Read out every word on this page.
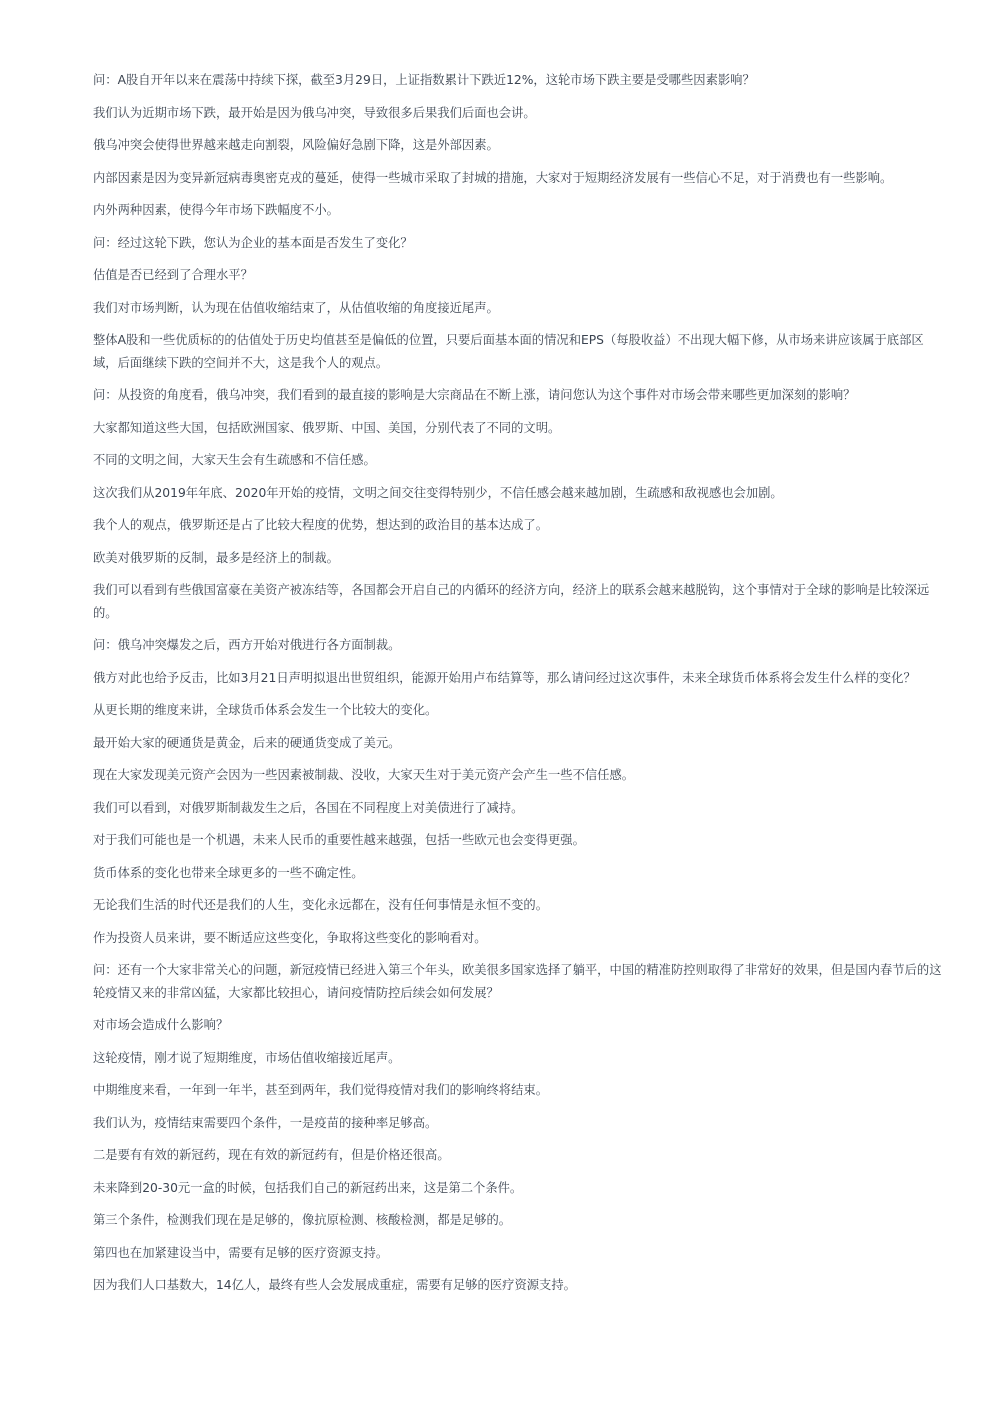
问：A股自开年以来在震荡中持续下探，截至3月29日，上证指数累计下跌近12%，这轮市场下跌主要是受哪些因素影响？

我们认为近期市场下跌，最开始是因为俄乌冲突，导致很多后果我们后面也会讲。

俄乌冲突会使得世界越来越走向割裂，风险偏好急剧下降，这是外部因素。

内部因素是因为变异新冠病毒奥密克戎的蔓延，使得一些城市采取了封城的措施，大家对于短期经济发展有一些信心不足，对于消费也有一些影响。

内外两种因素，使得今年市场下跌幅度不小。

问：经过这轮下跌，您认为企业的基本面是否发生了变化？

估值是否已经到了合理水平？

我们对市场判断，认为现在估值收缩结束了，从估值收缩的角度接近尾声。

整体A股和一些优质标的的估值处于历史均值甚至是偏低的位置，只要后面基本面的情况和EPS（每股收益）不出现大幅下修，从市场来讲应该属于底部区域，后面继续下跌的空间并不大，这是我个人的观点。

问：从投资的角度看，俄乌冲突，我们看到的最直接的影响是大宗商品在不断上涨，请问您认为这个事件对市场会带来哪些更加深刻的影响？

大家都知道这些大国，包括欧洲国家、俄罗斯、中国、美国，分别代表了不同的文明。

不同的文明之间，大家天生会有生疏感和不信任感。

这次我们从2019年年底、2020年开始的疫情，文明之间交往变得特别少，不信任感会越来越加剧，生疏感和敌视感也会加剧。

我个人的观点，俄罗斯还是占了比较大程度的优势，想达到的政治目的基本达成了。

欧美对俄罗斯的反制，最多是经济上的制裁。

我们可以看到有些俄国富豪在美资产被冻结等，各国都会开启自己的内循环的经济方向，经济上的联系会越来越脱钩，这个事情对于全球的影响是比较深远的。

问：俄乌冲突爆发之后，西方开始对俄进行各方面制裁。

俄方对此也给予反击，比如3月21日声明拟退出世贸组织，能源开始用卢布结算等，那么请问经过这次事件，未来全球货币体系将会发生什么样的变化？

从更长期的维度来讲，全球货币体系会发生一个比较大的变化。

最开始大家的硬通货是黄金，后来的硬通货变成了美元。

现在大家发现美元资产会因为一些因素被制裁、没收，大家天生对于美元资产会产生一些不信任感。

我们可以看到，对俄罗斯制裁发生之后，各国在不同程度上对美债进行了减持。

对于我们可能也是一个机遇，未来人民币的重要性越来越强，包括一些欧元也会变得更强。

货币体系的变化也带来全球更多的一些不确定性。

无论我们生活的时代还是我们的人生，变化永远都在，没有任何事情是永恒不变的。

作为投资人员来讲，要不断适应这些变化，争取将这些变化的影响看对。

问：还有一个大家非常关心的问题，新冠疫情已经进入第三个年头，欧美很多国家选择了躺平，中国的精准防控则取得了非常好的效果，但是国内春节后的这轮疫情又来的非常凶猛，大家都比较担心，请问疫情防控后续会如何发展？

对市场会造成什么影响？

这轮疫情，刚才说了短期维度，市场估值收缩接近尾声。

中期维度来看，一年到一年半，甚至到两年，我们觉得疫情对我们的影响终将结束。

我们认为，疫情结束需要四个条件，一是疫苗的接种率足够高。

二是要有有效的新冠药，现在有效的新冠药有，但是价格还很高。

未来降到20-30元一盒的时候，包括我们自己的新冠药出来，这是第二个条件。

第三个条件，检测我们现在是足够的，像抗原检测、核酸检测，都是足够的。

第四也在加紧建设当中，需要有足够的医疗资源支持。

因为我们人口基数大，14亿人，最终有些人会发展成重症，需要有足够的医疗资源支持。
